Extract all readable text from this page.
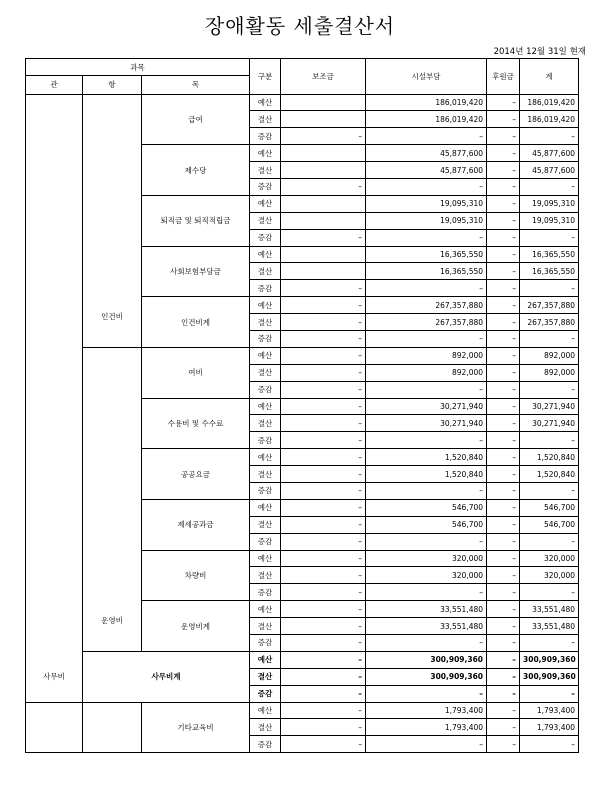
장애활동 세출결산서
2014년 12월 31일 현재
과목			구분	보조금	시설부담	후원금	계
관	항	목					
사무비	인건비	급여	예산		186,019,420	–	186,019,420
			결산		186,019,420	–	186,019,420
			증감	–	–	–	–
		제수당	예산		45,877,600	–	45,877,600
			결산		45,877,600	–	45,877,600
			증감	–	–	–	–
		퇴직금 및 퇴직적립금	예산		19,095,310	–	19,095,310
			결산		19,095,310	–	19,095,310
			증감	–	–	–	–
		사회보험부담금	예산		16,365,550	–	16,365,550
			결산		16,365,550	–	16,365,550
			증감	–	–	–	–
		인건비계	예산	–	267,357,880	–	267,357,880
			결산	–	267,357,880	–	267,357,880
			증감	–	–	–	–
	운영비	여비	예산	–	892,000	–	892,000
			결산	–	892,000	–	892,000
			증감	–	–	–	–
		수용비 및 수수료	예산	–	30,271,940	–	30,271,940
			결산	–	30,271,940	–	30,271,940
			증감	–	–	–	–
		공공요금	예산	–	1,520,840	–	1,520,840
			결산	–	1,520,840	–	1,520,840
			증감	–	–	–	–
		제세공과금	예산	–	546,700	–	546,700
			결산	–	546,700	–	546,700
			증감	–	–	–	–
		차량비	예산	–	320,000	–	320,000
			결산	–	320,000	–	320,000
			증감	–	–	–	–
		운영비계	예산	–	33,551,480	–	33,551,480
			결산	–	33,551,480	–	33,551,480
			증감	–	–	–	–
	사무비계		예산	–	300,909,360	–	300,909,360
			결산	–	300,909,360	–	300,909,360
			증감	–	–	–	–
		기타교육비	예산	–	1,793,400	–	1,793,400
			결산	–	1,793,400	–	1,793,400
			증감	–	–	–	–
